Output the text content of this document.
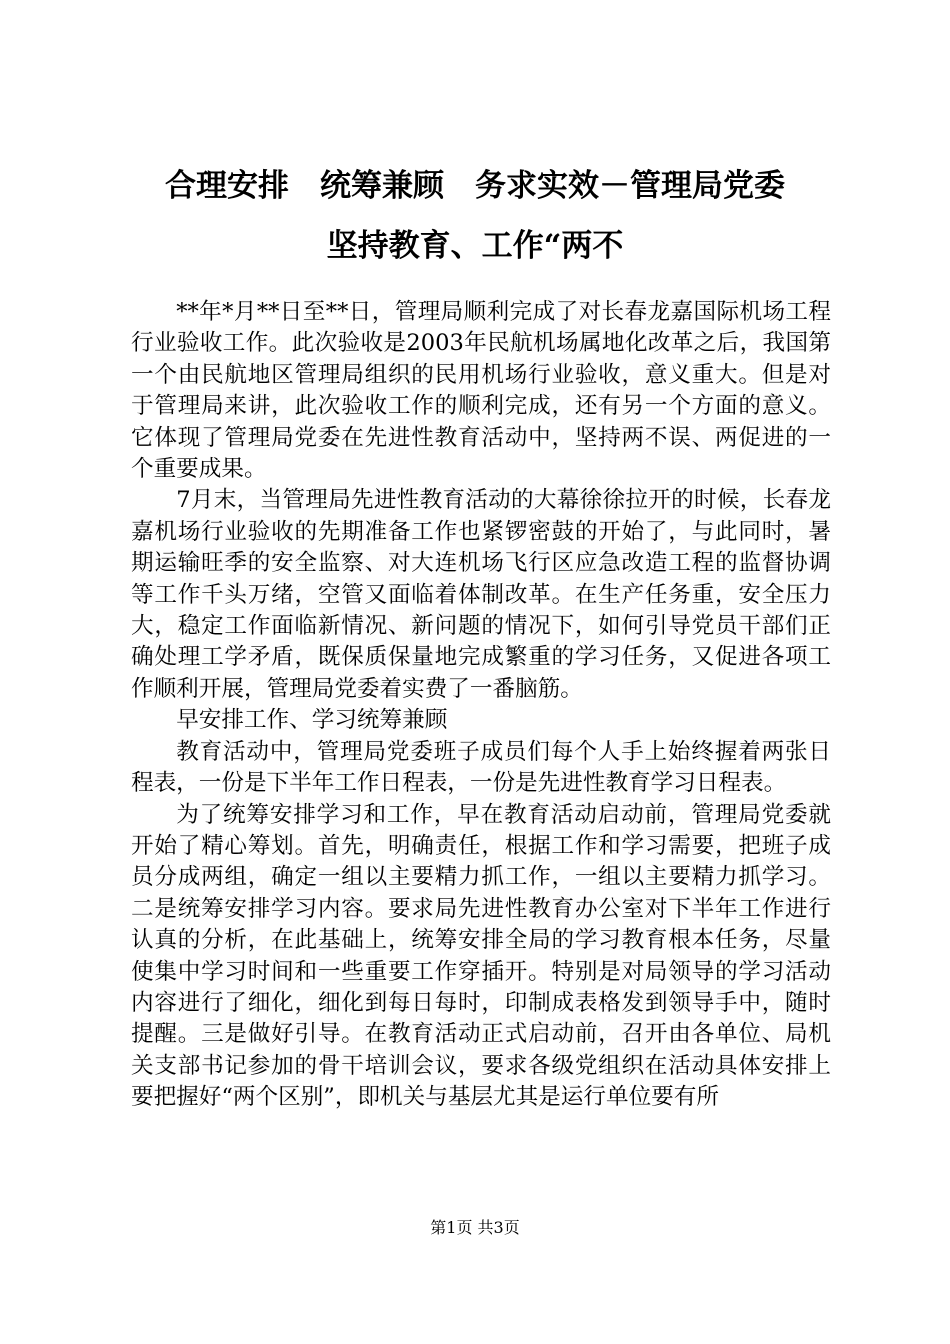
合理安排　统筹兼顾　务求实效－管理局党委
坚持教育、工作“两不

**年*月**日至**日，管理局顺利完成了对长春龙嘉国际机场工程行业验收工作。此次验收是2003年民航机场属地化改革之后，我国第一个由民航地区管理局组织的民用机场行业验收，意义重大。但是对于管理局来讲，此次验收工作的顺利完成，还有另一个方面的意义。它体现了管理局党委在先进性教育活动中，坚持两不误、两促进的一个重要成果。

7月末，当管理局先进性教育活动的大幕徐徐拉开的时候，长春龙嘉机场行业验收的先期准备工作也紧锣密鼓的开始了，与此同时，暑期运输旺季的安全监察、对大连机场飞行区应急改造工程的监督协调等工作千头万绪，空管又面临着体制改革。在生产任务重，安全压力大，稳定工作面临新情况、新问题的情况下，如何引导党员干部们正确处理工学矛盾，既保质保量地完成繁重的学习任务，又促进各项工作顺利开展，管理局党委着实费了一番脑筋。

早安排工作、学习统筹兼顾

教育活动中，管理局党委班子成员们每个人手上始终握着两张日程表，一份是下半年工作日程表，一份是先进性教育学习日程表。

为了统筹安排学习和工作，早在教育活动启动前，管理局党委就开始了精心筹划。首先，明确责任，根据工作和学习需要，把班子成员分成两组，确定一组以主要精力抓工作，一组以主要精力抓学习。二是统筹安排学习内容。要求局先进性教育办公室对下半年工作进行认真的分析，在此基础上，统筹安排全局的学习教育根本任务，尽量使集中学习时间和一些重要工作穿插开。特别是对局领导的学习活动内容进行了细化，细化到每日每时，印制成表格发到领导手中，随时提醒。三是做好引导。在教育活动正式启动前，召开由各单位、局机关支部书记参加的骨干培训会议，要求各级党组织在活动具体安排上要把握好“两个区别”，即机关与基层尤其是运行单位要有所

第1页 共3页
